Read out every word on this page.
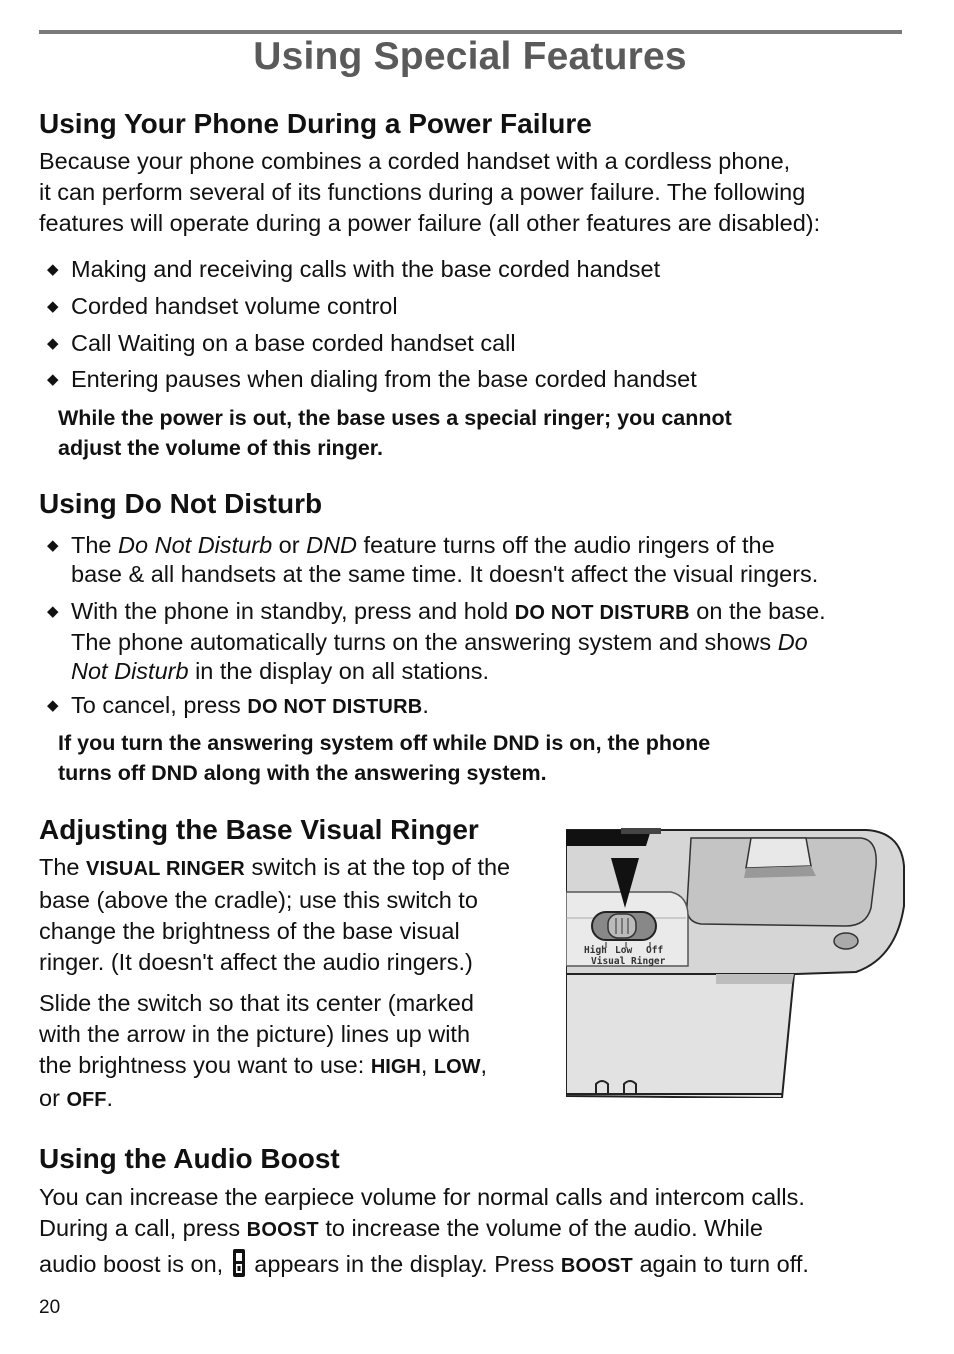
Using Special Features
Using Your Phone During a Power Failure
Because your phone combines a corded handset with a cordless phone,
it can perform several of its functions during a power failure. The following
features will operate during a power failure (all other features are disabled):
◆ Making and receiving calls with the base corded handset
◆ Corded handset volume control
◆ Call Waiting on a base corded handset call
◆ Entering pauses when dialing from the base corded handset
While the power is out, the base uses a special ringer; you cannot
adjust the volume of this ringer.
Using Do Not Disturb
◆ The Do Not Disturb or DND feature turns off the audio ringers of the
base & all handsets at the same time. It doesn't affect the visual ringers.
◆ With the phone in standby, press and hold DO NOT DISTURB on the base.
The phone automatically turns on the answering system and shows Do
Not Disturb in the display on all stations.
◆ To cancel, press DO NOT DISTURB.
If you turn the answering system off while DND is on, the phone
turns off DND along with the answering system.
Adjusting the Base Visual Ringer
The VISUAL RINGER switch is at the top of the
base (above the cradle); use this switch to
change the brightness of the base visual
ringer. (It doesn't affect the audio ringers.)
Slide the switch so that its center (marked
with the arrow in the picture) lines up with
the brightness you want to use: HIGH, LOW,
or OFF.
High Low Off
Visual Ringer
Using the Audio Boost
You can increase the earpiece volume for normal calls and intercom calls.
During a call, press BOOST to increase the volume of the audio. While
audio boost is on,  appears in the display. Press BOOST again to turn off.
20
